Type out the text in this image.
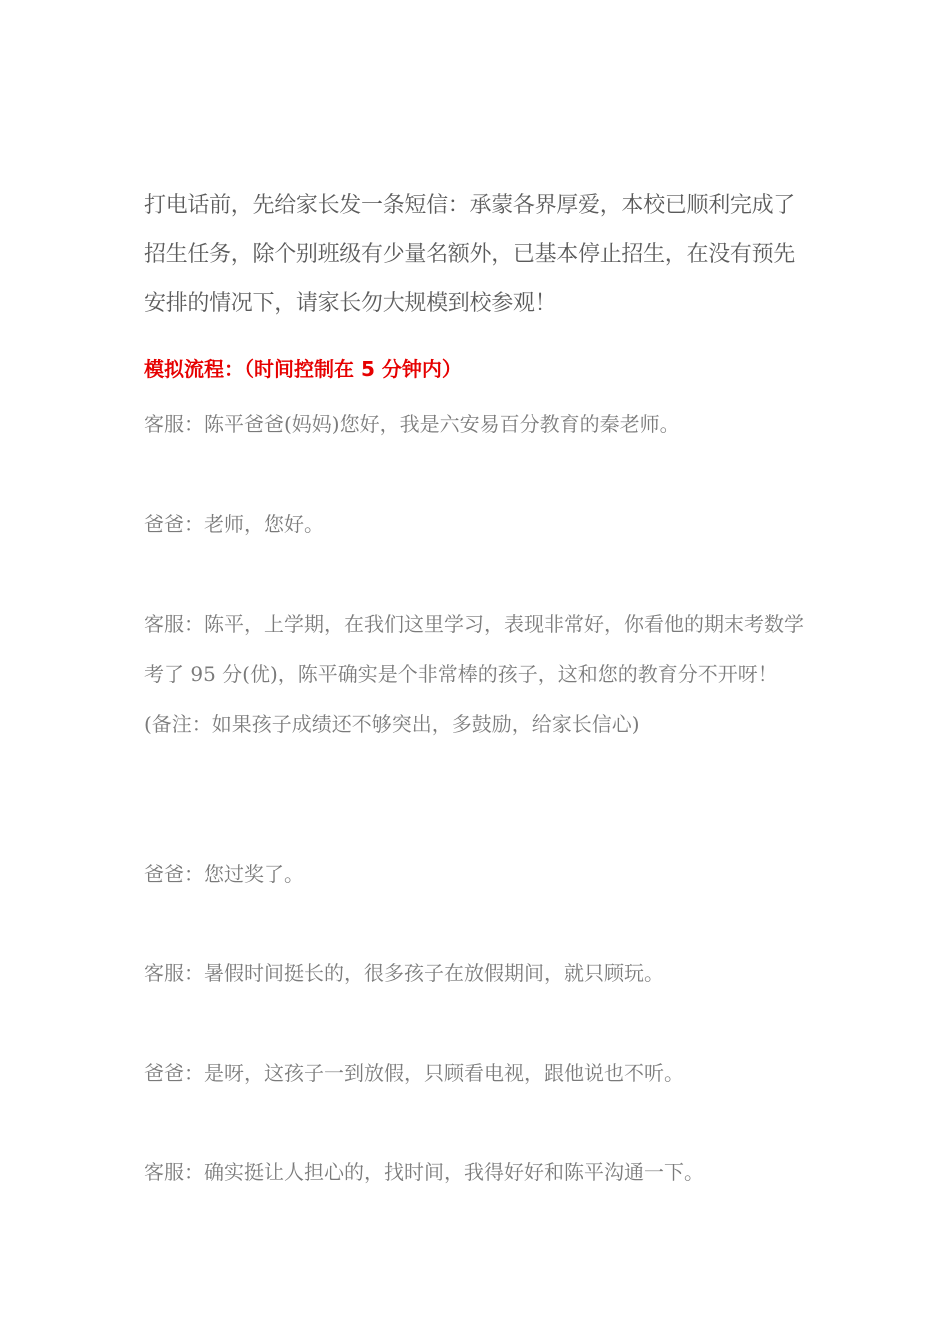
打电话前，先给家长发一条短信：承蒙各界厚爱，本校已顺利完成了招生任务，除个别班级有少量名额外，已基本停止招生，在没有预先安排的情况下，请家长勿大规模到校参观！
模拟流程：（时间控制在 5 分钟内）
客服：陈平爸爸(妈妈)您好，我是六安易百分教育的秦老师。
爸爸：老师，您好。
客服：陈平，上学期，在我们这里学习，表现非常好，你看他的期末考数学考了 95 分(优)，陈平确实是个非常棒的孩子，这和您的教育分不开呀！(备注：如果孩子成绩还不够突出，多鼓励，给家长信心)
爸爸：您过奖了。
客服：暑假时间挺长的，很多孩子在放假期间，就只顾玩。
爸爸：是呀，这孩子一到放假，只顾看电视，跟他说也不听。
客服：确实挺让人担心的，找时间，我得好好和陈平沟通一下。
